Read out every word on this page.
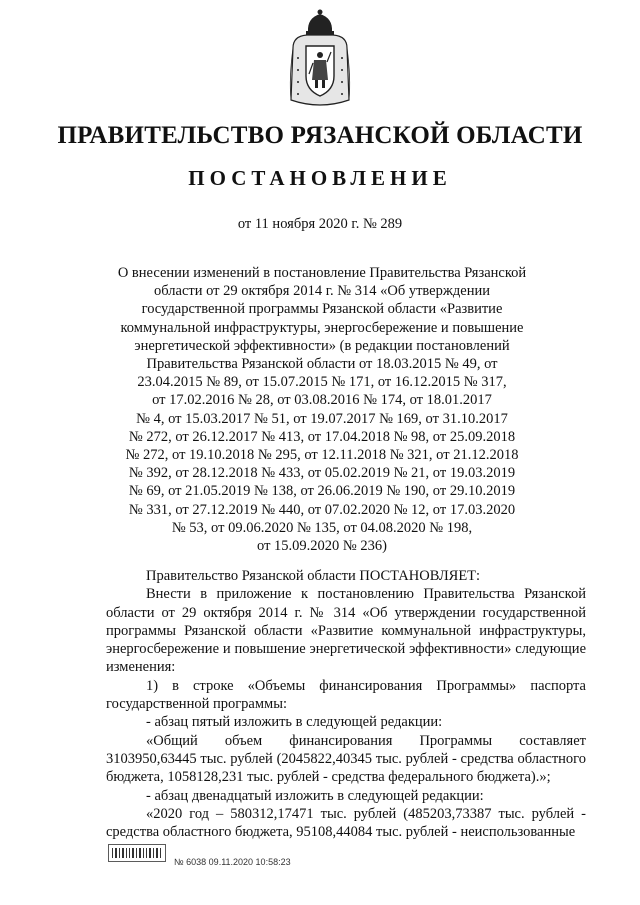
ПРАВИТЕЛЬСТВО РЯЗАНСКОЙ ОБЛАСТИ
ПОСТАНОВЛЕНИЕ
от 11 ноября 2020 г. № 289
О внесении изменений в постановление Правительства Рязанской
области от 29 октября 2014 г. № 314 «Об утверждении
государственной программы Рязанской области «Развитие
коммунальной инфраструктуры, энергосбережение и повышение
энергетической эффективности» (в редакции постановлений
Правительства Рязанской области от 18.03.2015 № 49, от
23.04.2015 № 89, от 15.07.2015 № 171, от 16.12.2015 № 317,
от 17.02.2016 № 28, от 03.08.2016 № 174, от 18.01.2017
№ 4, от 15.03.2017 № 51, от 19.07.2017 № 169, от 31.10.2017
№ 272, от 26.12.2017 № 413, от 17.04.2018 № 98, от 25.09.2018
№ 272, от 19.10.2018 № 295, от 12.11.2018 № 321, от 21.12.2018
№ 392, от 28.12.2018 № 433, от 05.02.2019 № 21, от 19.03.2019
№ 69, от 21.05.2019 № 138, от 26.06.2019 № 190, от 29.10.2019
№ 331, от 27.12.2019 № 440, от 07.02.2020 № 12, от 17.03.2020
№ 53, от 09.06.2020 № 135, от 04.08.2020 № 198,
от 15.09.2020 № 236)

Правительство Рязанской области ПОСТАНОВЛЯЕТ:

Внести в приложение к постановлению Правительства Рязанской области от 29 октября 2014 г. № 314 «Об утверждении государственной программы Рязанской области «Развитие коммунальной инфраструктуры, энергосбережение и повышение энергетической эффективности» следующие изменения:

1) в строке «Объемы финансирования Программы» паспорта государственной программы:

- абзац пятый изложить в следующей редакции:

«Общий объем финансирования Программы составляет 3103950,63445 тыс. рублей (2045822,40345 тыс. рублей - средства областного бюджета, 1058128,231 тыс. рублей - средства федерального бюджета).»;

- абзац двенадцатый изложить в следующей редакции:

«2020 год – 580312,17471 тыс. рублей (485203,73387 тыс. рублей - средства областного бюджета, 95108,44084 тыс. рублей - неиспользованные

№ 6038 09.11.2020 10:58:23
